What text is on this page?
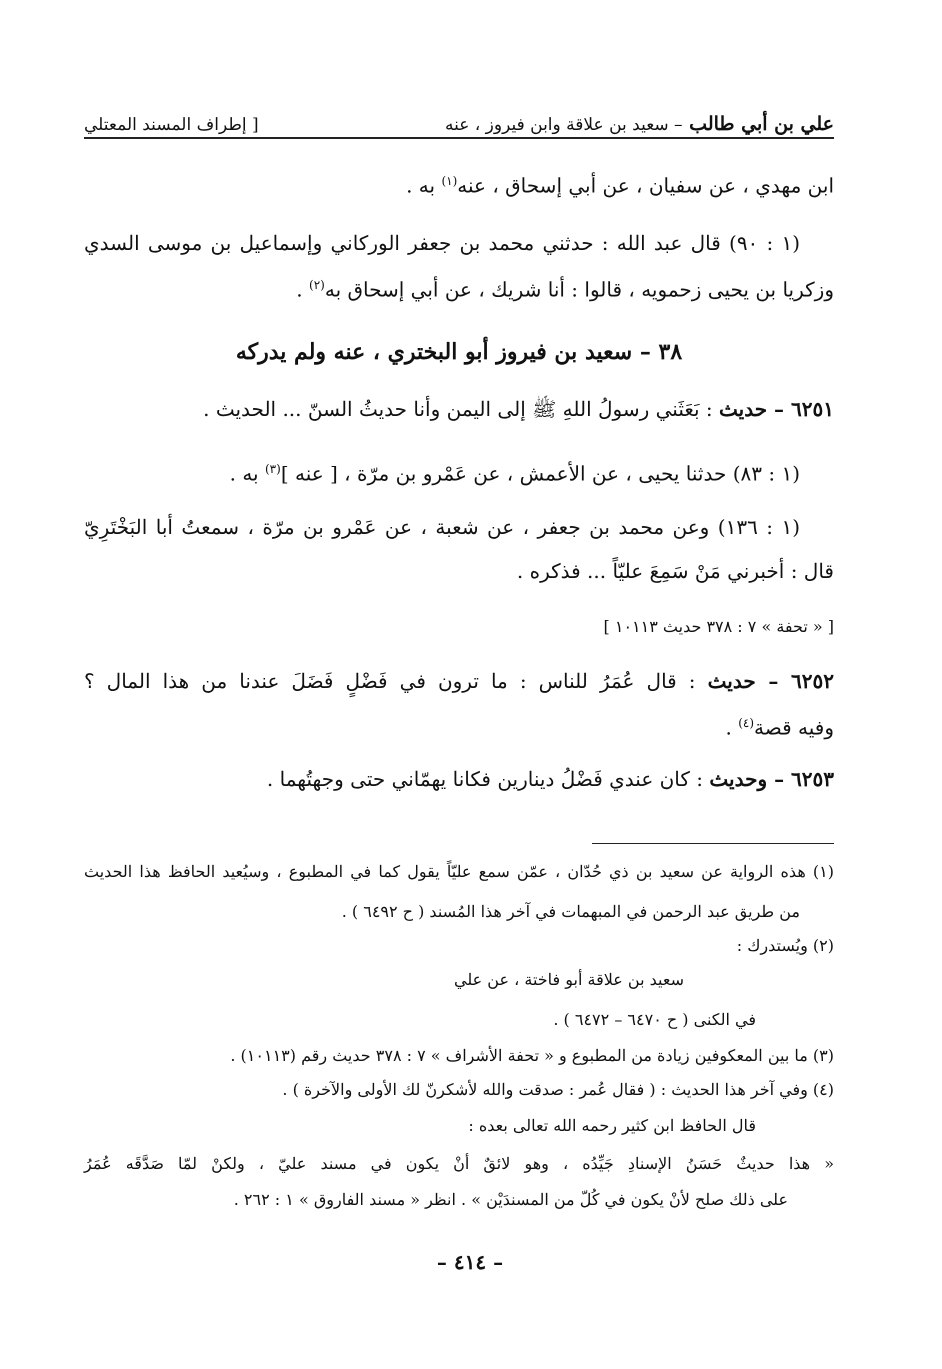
علي بن أبي طالب – سعيد بن علاقة وابن فيروز ، عنه
[ إطراف المسند المعتلي
ابن مهدي ، عن سفيان ، عن أبي إسحاق ، عنه$^{(١)}$ به .
(١ : ٩٠) قال عبد الله : حدثني محمد بن جعفر الوركاني وإسماعيل بن موسى السدي
وزكريا بن يحيى زحمويه ، قالوا : أنا شريك ، عن أبي إسحاق به$^{(٢)}$ .
٣٨ – سعيد بن فيروز أبو البختري ، عنه ولم يدركه
٦٢٥١ – حديث : بَعَثَني رسولُ اللهِ ﷺ إلى اليمن وأنا حديثُ السنّ ... الحديث .
(١ : ٨٣) حدثنا يحيى ، عن الأعمش ، عن عَمْرو بن مرّة ، [ عنه ]$^{(٣)}$ به .
(١ : ١٣٦) وعن محمد بن جعفر ، عن شعبة ، عن عَمْرو بن مرّة ، سمعتُ أبا البَخْتَرِيّ
قال : أخبرني مَنْ سَمِعَ عليّاً ... فذكره .
[ « تحفة » ٧ : ٣٧٨ حديث ١٠١١٣ ]
٦٢٥٢ – حديث : قال عُمَرُ للناس : ما ترون في فَضْلٍ فَضَلَ عندنا من هذا المال ؟
وفيه قصة$^{(٤)}$ .
٦٢٥٣ – وحديث : كان عندي فَضْلُ دينارين فكانا يهمّاني حتى وجهتُهما .
(١) هذه الرواية عن سعيد بن ذي حُدّان ، عمّن سمع عليّاً يقول كما في المطبوع ، وسيُعيد الحافظ هذا الحديث
من طريق عبد الرحمن في المبهمات في آخر هذا المُسند ( ح ٦٤٩٢ ) .
(٢) ويُستدرك :
سعيد بن علاقة أبو فاختة ، عن علي
في الكنى ( ح ٦٤٧٠ – ٦٤٧٢ ) .
(٣) ما بين المعكوفين زيادة من المطبوع و « تحفة الأشراف » ٧ : ٣٧٨ حديث رقم (١٠١١٣) .
(٤) وفي آخر هذا الحديث : ( فقال عُمر : صدقت والله لأشكرنّ لك الأولى والآخرة ) .
قال الحافظ ابن كثير رحمه الله تعالى بعده :
« هذا حديثٌ حَسَنُ الإسنادِ جَيِّدُه ، وهو لائقٌ أنْ يكون في مسند عليّ ، ولكنْ لمّا صَدَّقَه عُمَرُ
على ذلك صلح لأنْ يكون في كُلّ من المسندَيْن » . انظر « مسند الفاروق » ١ : ٢٦٢ .
– ٤١٤ –
